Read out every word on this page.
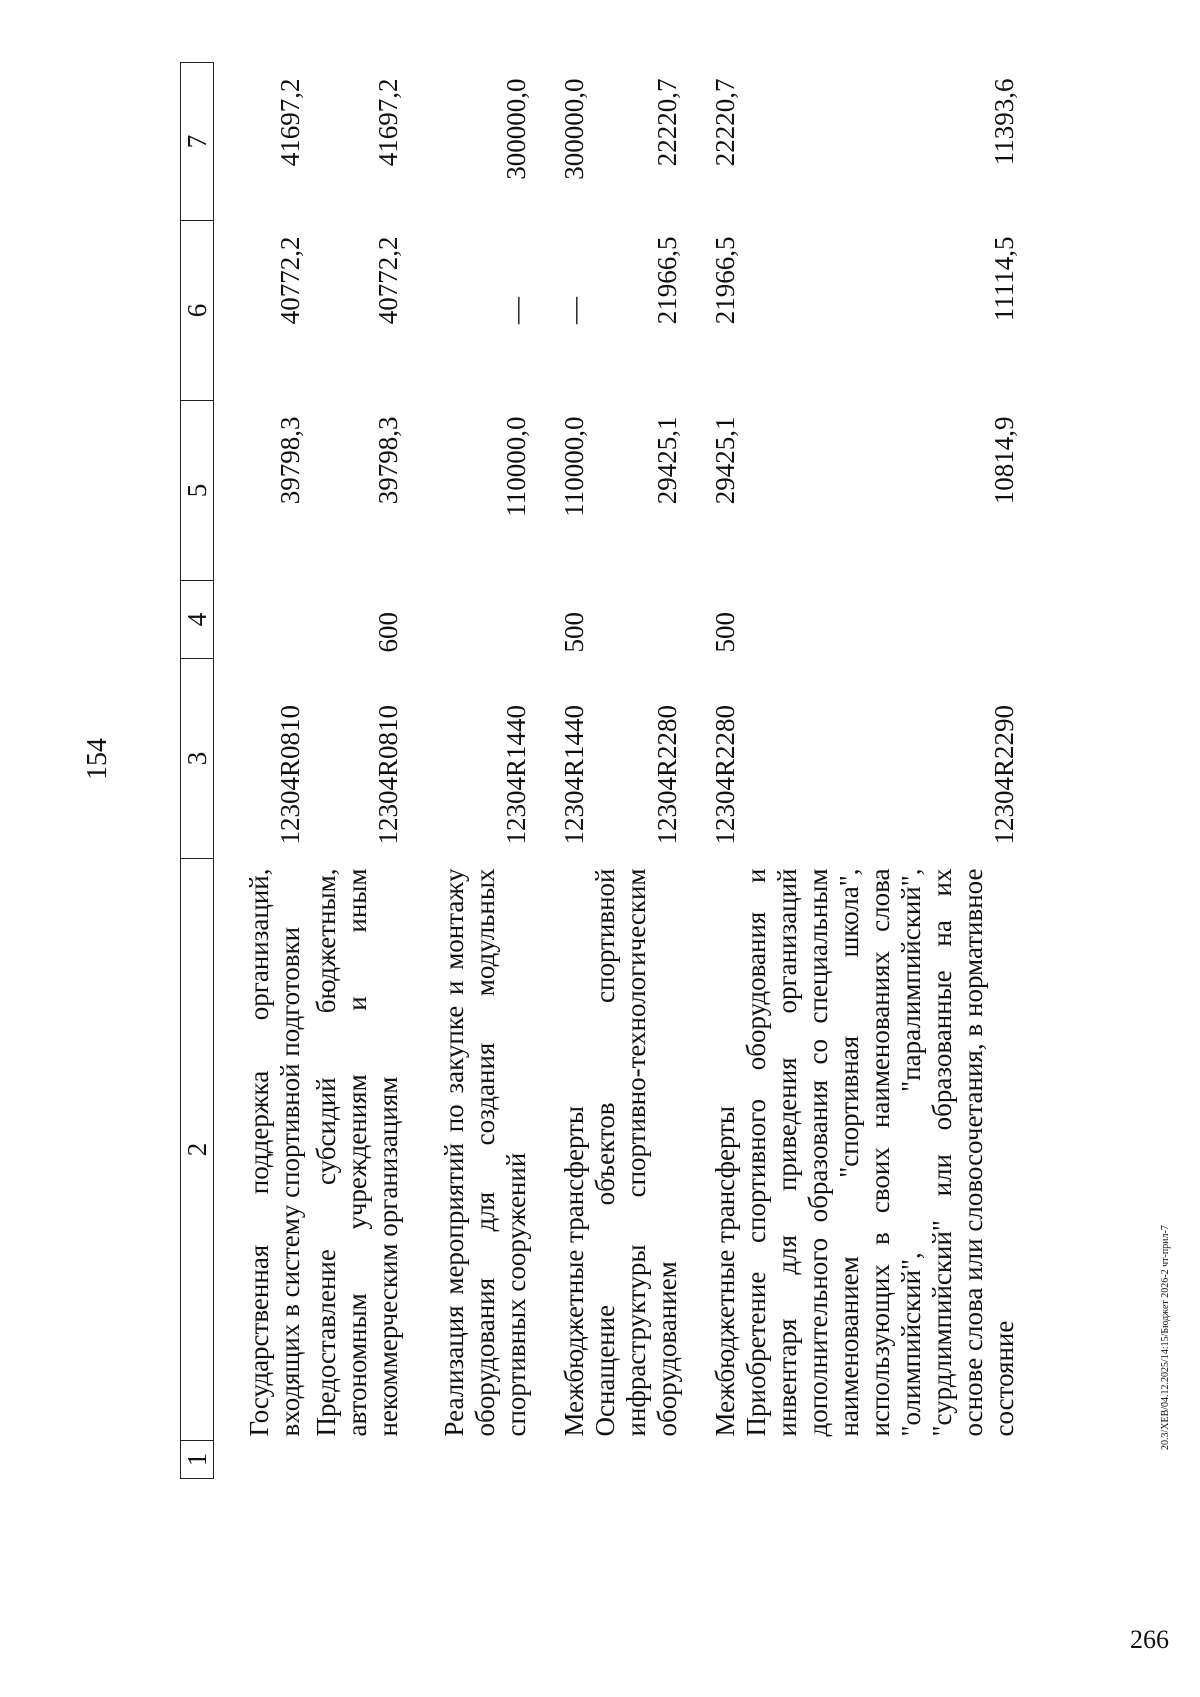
154
1	2	3	4	5	6	7
	Государственная поддержка организаций, входящих в систему спортивной подготовки	12304R0810		39798,3	40772,2	41697,2
	Предоставление субсидий бюджетным, автономным учреждениям и иным некоммерческим организациям	12304R0810	600	39798,3	40772,2	41697,2
	Реализация мероприятий по закупке и монтажу оборудования для создания модульных спортивных сооружений	12304R1440		110000,0	—	300000,0
	Межбюджетные трансферты	12304R1440	500	110000,0	—	300000,0
	Оснащение объектов спортивной инфраструктуры спортивно-технологическим оборудованием	12304R2280		29425,1	21966,5	22220,7
	Межбюджетные трансферты	12304R2280	500	29425,1	21966,5	22220,7
	Приобретение спортивного оборудования и инвентаря для приведения организаций дополнительного образования со специальным наименованием "спортивная школа", использующих в своих наименованиях слова "олимпийский", "паралимпийский", "сурдлимпийский" или образованные на их основе слова или словосочетания, в нормативное состояние	12304R2290		10814,9	11114,5	11393,6
20.3/ХЕВ/04.12.2025/14:15/Бюджет 2026-2 чт-прил-7
266
